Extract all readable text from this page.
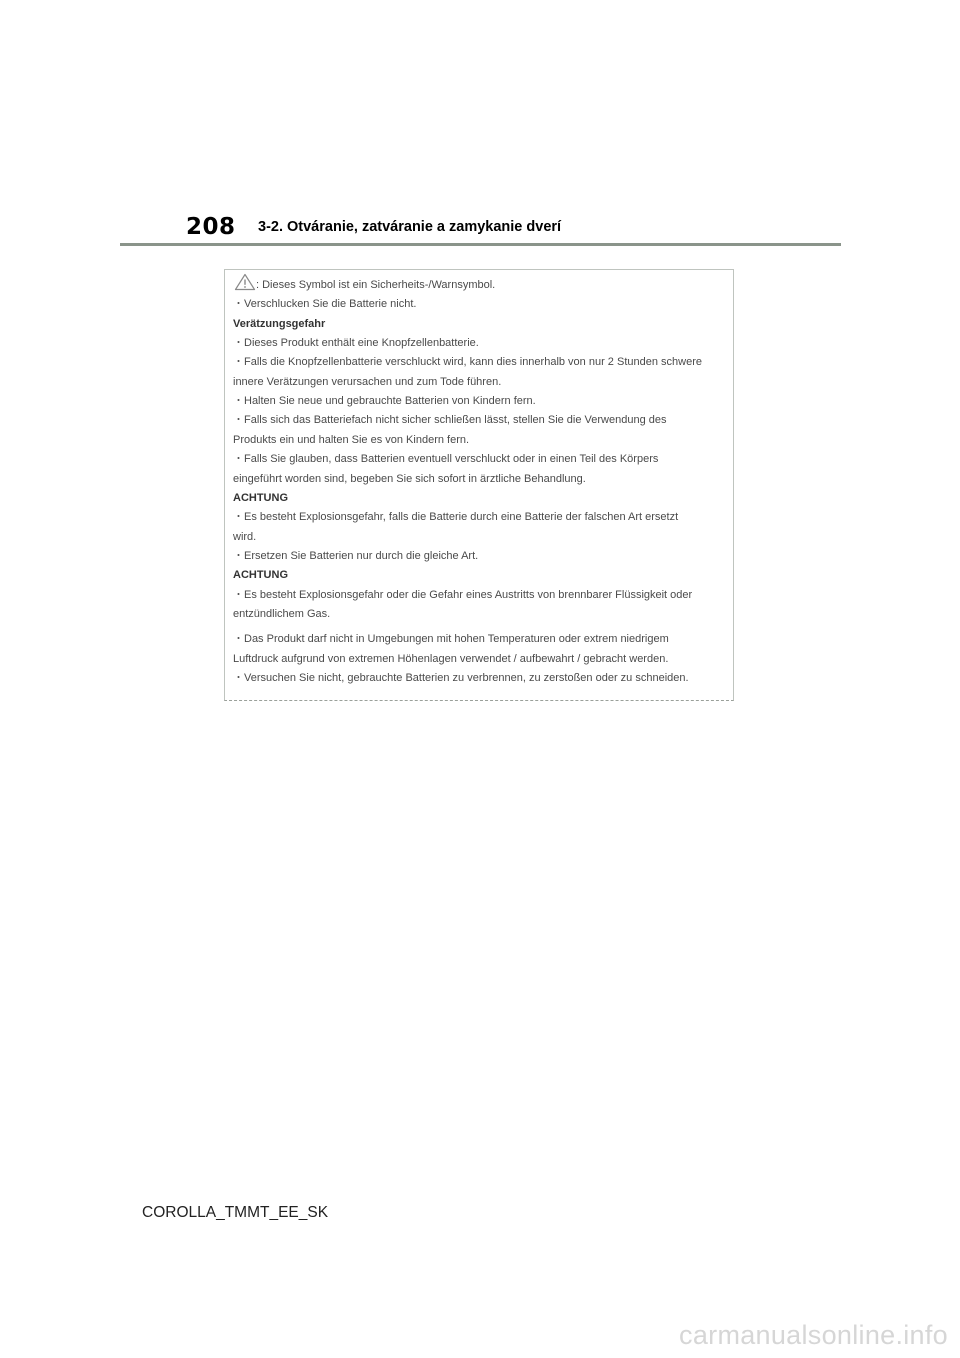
208 3-2. Otváranie, zatváranie a zamykanie dverí
: Dieses Symbol ist ein Sicherheits-/Warnsymbol.
・Verschlucken Sie die Batterie nicht.
Verätzungsgefahr
・Dieses Produkt enthält eine Knopfzellenbatterie.
・Falls die Knopfzellenbatterie verschluckt wird, kann dies innerhalb von nur 2 Stunden schwere
innere Verätzungen verursachen und zum Tode führen.
・Halten Sie neue und gebrauchte Batterien von Kindern fern.
・Falls sich das Batteriefach nicht sicher schließen lässt, stellen Sie die Verwendung des
Produkts ein und halten Sie es von Kindern fern.
・Falls Sie glauben, dass Batterien eventuell verschluckt oder in einen Teil des Körpers
eingeführt worden sind, begeben Sie sich sofort in ärztliche Behandlung.
ACHTUNG
・Es besteht Explosionsgefahr, falls die Batterie durch eine Batterie der falschen Art ersetzt
wird.
・Ersetzen Sie Batterien nur durch die gleiche Art.
ACHTUNG
・Es besteht Explosionsgefahr oder die Gefahr eines Austritts von brennbarer Flüssigkeit oder
entzündlichem Gas.
・Das Produkt darf nicht in Umgebungen mit hohen Temperaturen oder extrem niedrigem
Luftdruck aufgrund von extremen Höhenlagen verwendet / aufbewahrt / gebracht werden.
・Versuchen Sie nicht, gebrauchte Batterien zu verbrennen, zu zerstoßen oder zu schneiden.
COROLLA_TMMT_EE_SK
carmanualsonline.info
